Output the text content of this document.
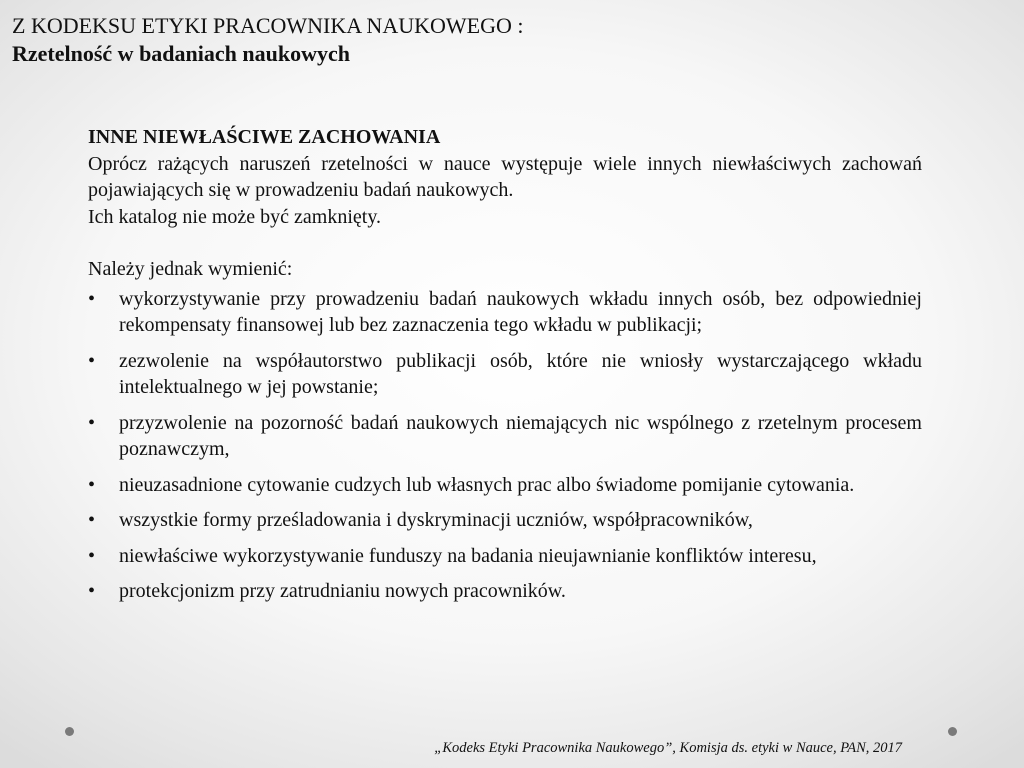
Z KODEKSU ETYKI PRACOWNIKA NAUKOWEGO :
Rzetelność w badaniach naukowych
INNE NIEWŁAŚCIWE ZACHOWANIA
Oprócz rażących naruszeń rzetelności w nauce występuje wiele innych niewłaściwych zachowań pojawiających się w prowadzeniu badań naukowych.
Ich katalog nie może być zamknięty.
Należy jednak wymienić:
•	wykorzystywanie przy prowadzeniu badań naukowych wkładu innych osób, bez odpowiedniej rekompensaty finansowej lub bez zaznaczenia tego wkładu w publikacji;
•	zezwolenie na współautorstwo publikacji osób, które nie wniosły wystarczającego wkładu intelektualnego w jej powstanie;
•	przyzwolenie na pozorność badań naukowych niemających nic wspólnego z rzetelnym procesem poznawczym,
•	nieuzasadnione cytowanie cudzych lub własnych prac albo świadome pomijanie cytowania.
•	wszystkie formy prześladowania i dyskryminacji uczniów, współpracowników,
•	niewłaściwe wykorzystywanie funduszy na badania nieujawnianie konfliktów interesu,
•	protekcjonizm przy zatrudnianiu nowych pracowników.
„Kodeks Etyki Pracownika Naukowego”, Komisja ds. etyki w Nauce, PAN, 2017
